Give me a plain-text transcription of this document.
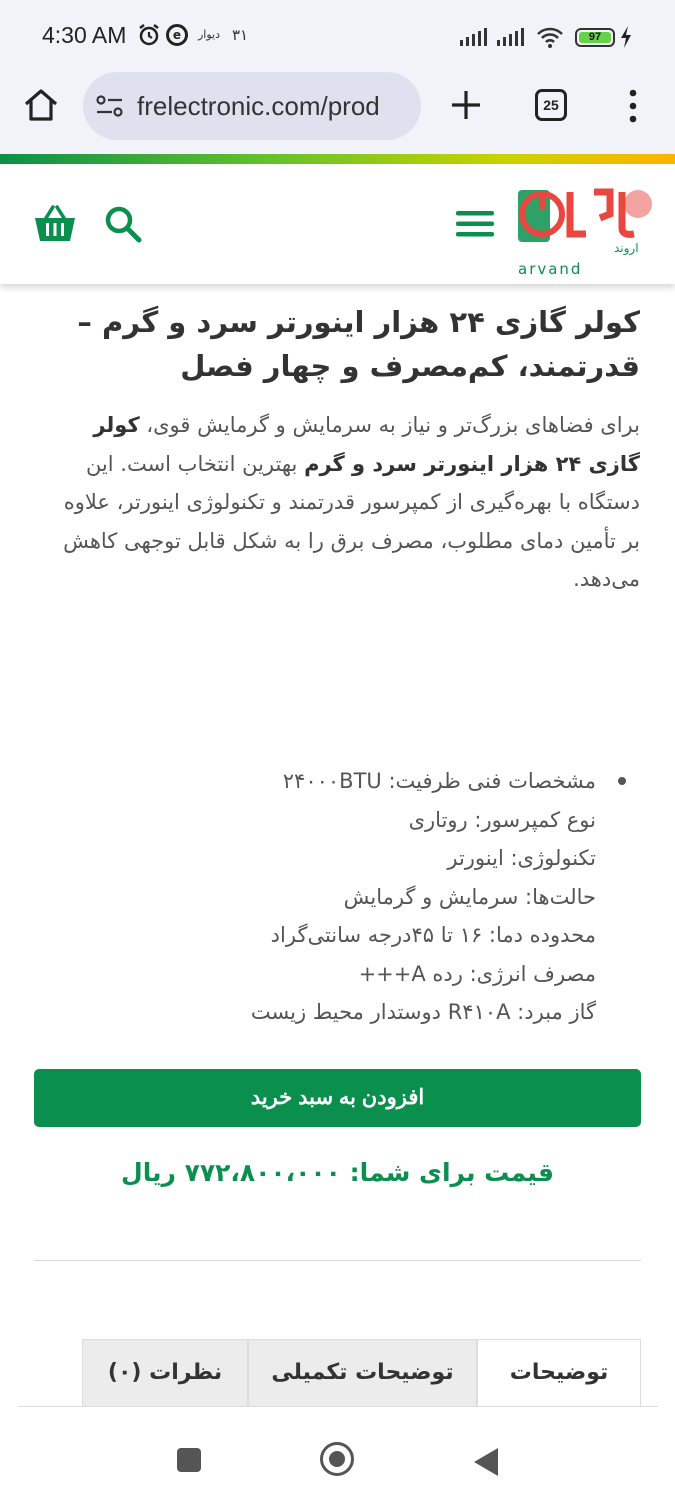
4:30 AM	e	دیوار ۳۱	97
frelectronic.com/prod	25
اروند
arvand
کولر گازی ۲۴ هزار اینورتر سرد و گرم – قدرتمند، کم‌مصرف و چهار فصل

برای فضاهای بزرگ‌تر و نیاز به سرمایش و گرمایش قوی، کولر گازی ۲۴ هزار اینورتر سرد و گرم بهترین انتخاب است. این دستگاه با بهره‌گیری از کمپرسور قدرتمند و تکنولوژی اینورتر، علاوه بر تأمین دمای مطلوب، مصرف برق را به شکل قابل توجهی کاهش می‌دهد.

مشخصات فنی ظرفیت: ۲۴۰۰۰BTU
نوع کمپرسور: روتاری
تکنولوژی: اینورتر
حالت‌ها: سرمایش و گرمایش
محدوده دما: ۱۶ تا ۴۵درجه سانتی‌گراد
مصرف انرژی: رده A+++
گاز مبرد: R۴۱۰A دوستدار محیط زیست
افزودن به سبد خرید
قیمت برای شما: ۷۷۲،۸۰۰،۰۰۰ ریال
توضیحات
توضیحات تکمیلی
نظرات (۰)
